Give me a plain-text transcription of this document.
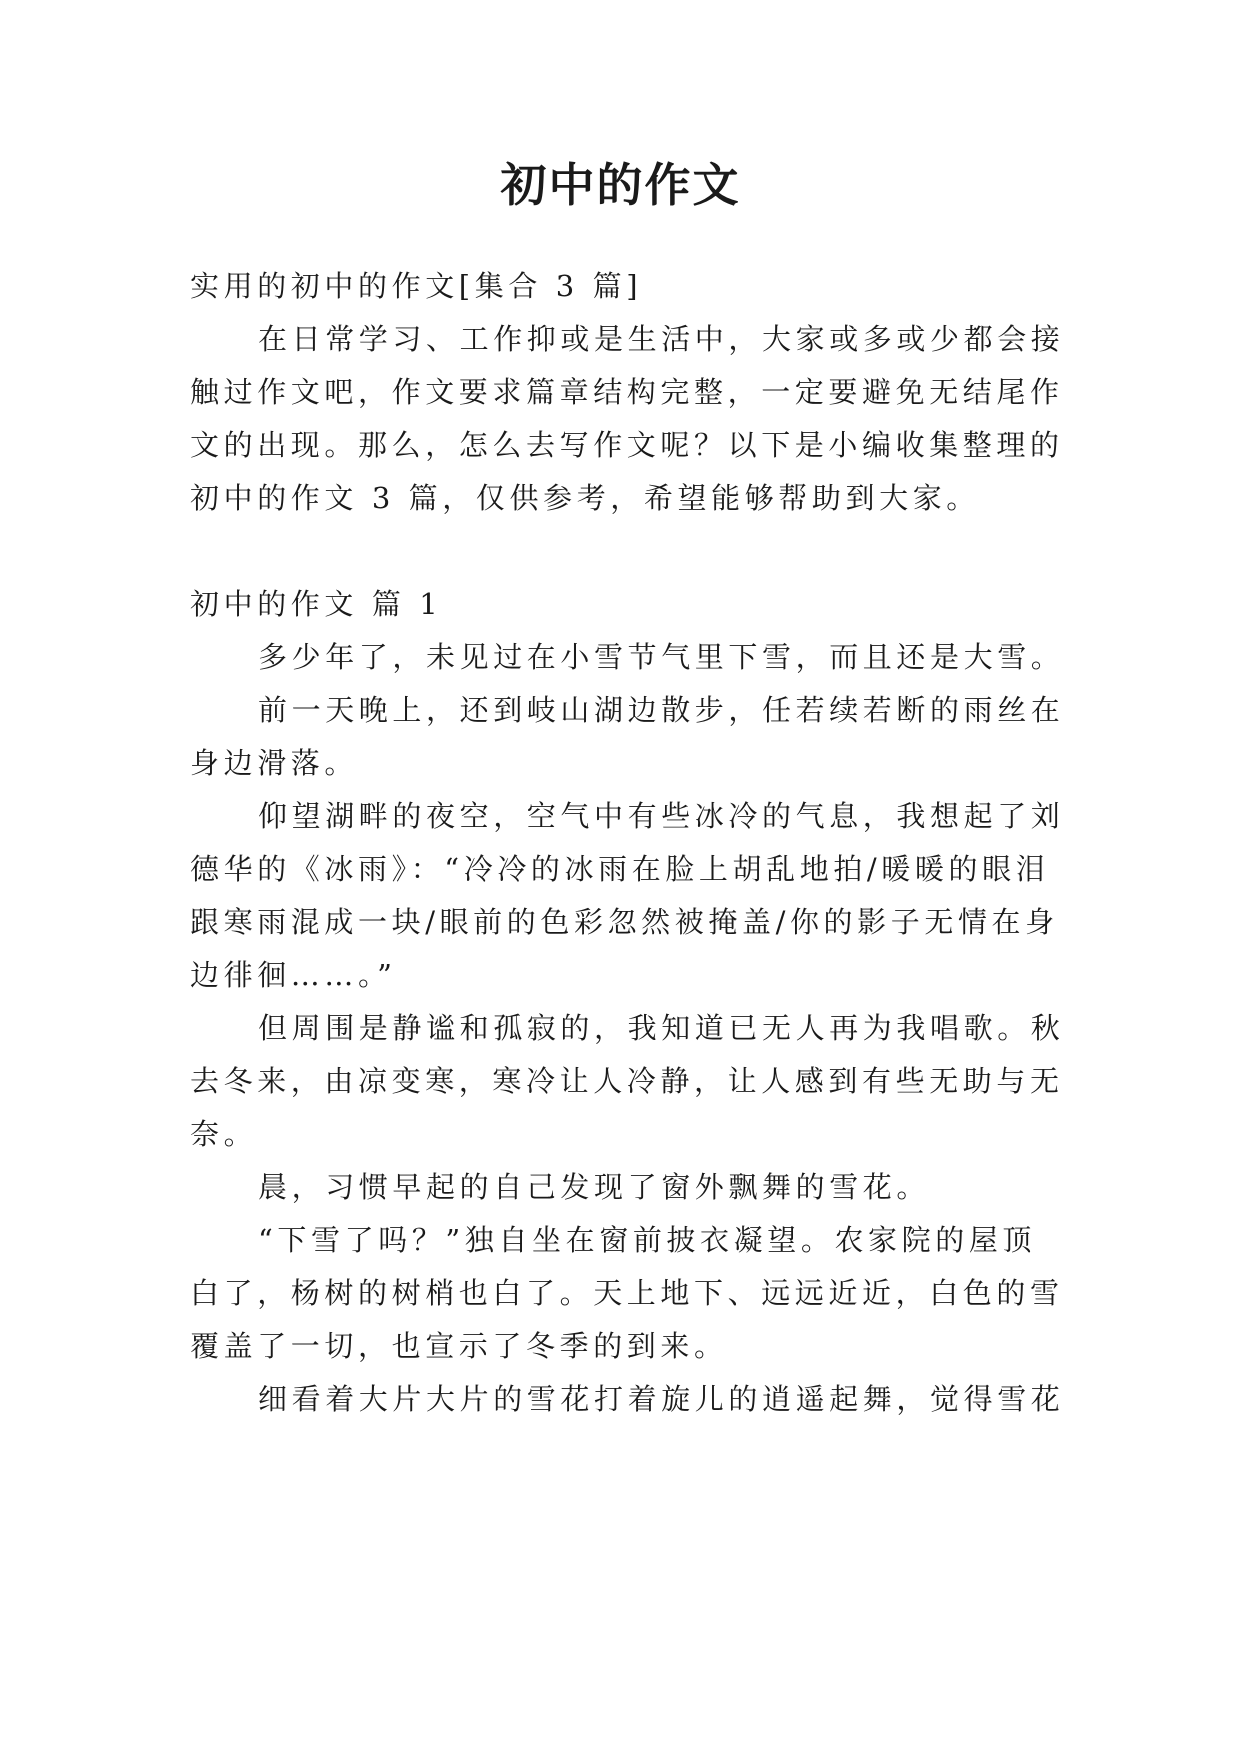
初中的作文
实用的初中的作文[集合 3 篇]
在日常学习、工作抑或是生活中，大家或多或少都会接
触过作文吧，作文要求篇章结构完整，一定要避免无结尾作
文的出现。那么，怎么去写作文呢？以下是小编收集整理的
初中的作文 3 篇，仅供参考，希望能够帮助到大家。
初中的作文 篇 1
多少年了，未见过在小雪节气里下雪，而且还是大雪。
前一天晚上，还到岐山湖边散步，任若续若断的雨丝在
身边滑落。
仰望湖畔的夜空，空气中有些冰冷的气息，我想起了刘
德华的《冰雨》：“冷冷的冰雨在脸上胡乱地拍/暖暖的眼泪
跟寒雨混成一块/眼前的色彩忽然被掩盖/你的影子无情在身
边徘徊……。”
但周围是静谧和孤寂的，我知道已无人再为我唱歌。秋
去冬来，由凉变寒，寒冷让人冷静，让人感到有些无助与无
奈。
晨，习惯早起的自己发现了窗外飘舞的雪花。
“下雪了吗？”独自坐在窗前披衣凝望。农家院的屋顶
白了，杨树的树梢也白了。天上地下、远远近近，白色的雪
覆盖了一切，也宣示了冬季的到来。
细看着大片大片的雪花打着旋儿的逍遥起舞，觉得雪花
